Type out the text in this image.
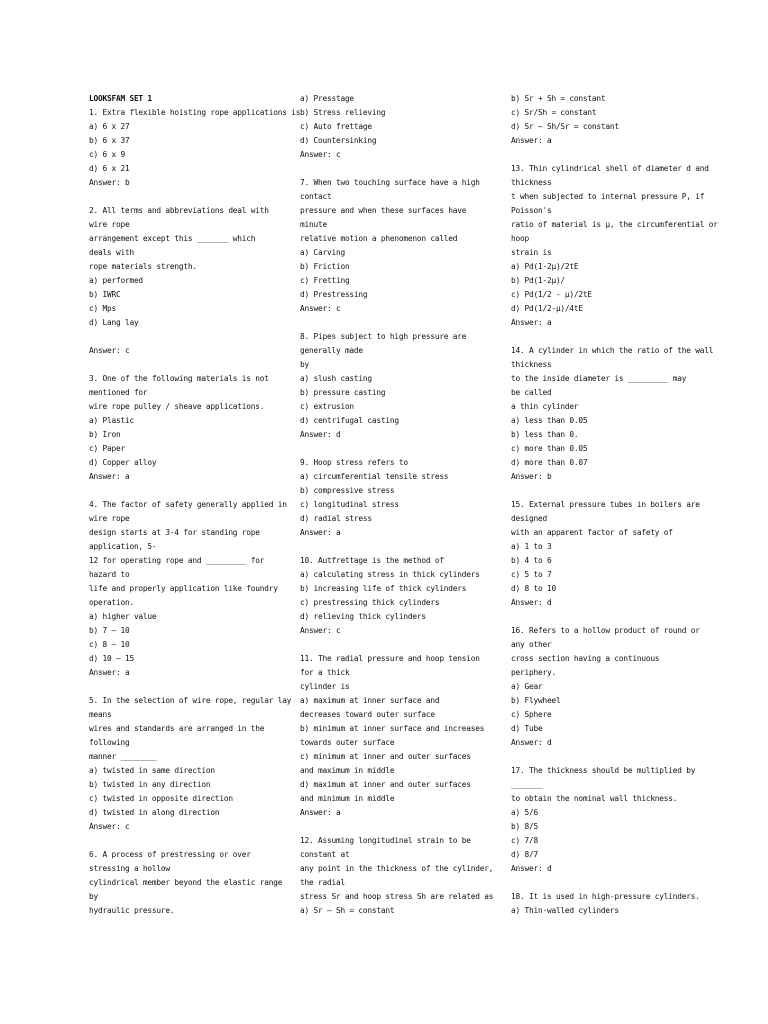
LOOKSFAM SET 1
1. Extra flexible hoisting rope applications is
a) 6 x 27
b) 6 x 37
c) 6 x 9
d) 6 x 21
Answer: b
2. All terms and abbreviations deal with
wire rope
arrangement except this _______ which
deals with
rope materials strength.
a) performed
b) IWRC
c) Mps
d) Lang lay
Answer: c
3. One of the following materials is not
mentioned for
wire rope pulley / sheave applications.
a) Plastic
b) Iron
c) Paper
d) Copper alloy
Answer: a
4. The factor of safety generally applied in
wire rope
design starts at 3-4 for standing rope
application, 5-
12 for operating rope and _________ for
hazard to
life and properly application like foundry
operation.
a) higher value
b) 7 – 10
c) 8 – 10
d) 10 – 15
Answer: a
5. In the selection of wire rope, regular lay
means
wires and standards are arranged in the
following
manner ________
a) twisted in same direction
b) twisted in any direction
c) twisted in opposite direction
d) twisted in along direction
Answer: c
6. A process of prestressing or over
stressing a hollow
cylindrical member beyond the elastic range
by
hydraulic pressure.
a) Presstage
b) Stress relieving
c) Auto frettage
d) Countersinking
Answer: c
7. When two touching surface have a high
contact
pressure and when these surfaces have
minute
relative motion a phenomenon called
a) Carving
b) Friction
c) Fretting
d) Prestressing
Answer: c
8. Pipes subject to high pressure are
generally made
by
a) slush casting
b) pressure casting
c) extrusion
d) centrifugal casting
Answer: d
9. Hoop stress refers to
a) circumferential tensile stress
b) compressive stress
c) longitudinal stress
d) radial stress
Answer: a
10. Autfrettage is the method of
a) calculating stress in thick cylinders
b) increasing life of thick cylinders
c) prestressing thick cylinders
d) relieving thick cylinders
Answer: c
11. The radial pressure and hoop tension
for a thick
cylinder is
a) maximum at inner surface and
decreases toward outer surface
b) minimum at inner surface and increases
towards outer surface
c) minimum at inner and outer surfaces
and maximum in middle
d) maximum at inner and outer surfaces
and minimum in middle
Answer: a
12. Assuming longitudinal strain to be
constant at
any point in the thickness of the cylinder,
the radial
stress Sr and hoop stress Sh are related as
a) Sr – Sh = constant
b) Sr + Sh = constant
c) Sr/Sh = constant
d) Sr – Sh/Sr = constant
Answer: a
13. Thin cylindrical shell of diameter d and
thickness
t when subjected to internal pressure P, if
Poisson's
ratio of material is μ, the circumferential or
hoop
strain is
a) Pd(1-2μ)/2tE
b) Pd(1-2μ)/
c) Pd(1/2 - μ)/2tE
d) Pd(1/2-μ)/4tE
Answer: a
14. A cylinder in which the ratio of the wall
thickness
to the inside diameter is _________ may
be called
a thin cylinder
a) less than 0.05
b) less than 0.
c) more than 0.05
d) more than 0.07
Answer: b
15. External pressure tubes in boilers are
designed
with an apparent factor of safety of
a) 1 to 3
b) 4 to 6
c) 5 to 7
d) 8 to 10
Answer: d
16. Refers to a hollow product of round or
any other
cross section having a continuous
periphery.
a) Gear
b) Flywheel
c) Sphere
d) Tube
Answer: d
17. The thickness should be multiplied by
_______
to obtain the nominal wall thickness.
a) 5/6
b) 8/5
c) 7/8
d) 8/7
Answer: d
18. It is used in high-pressure cylinders.
a) Thin-walled cylinders
